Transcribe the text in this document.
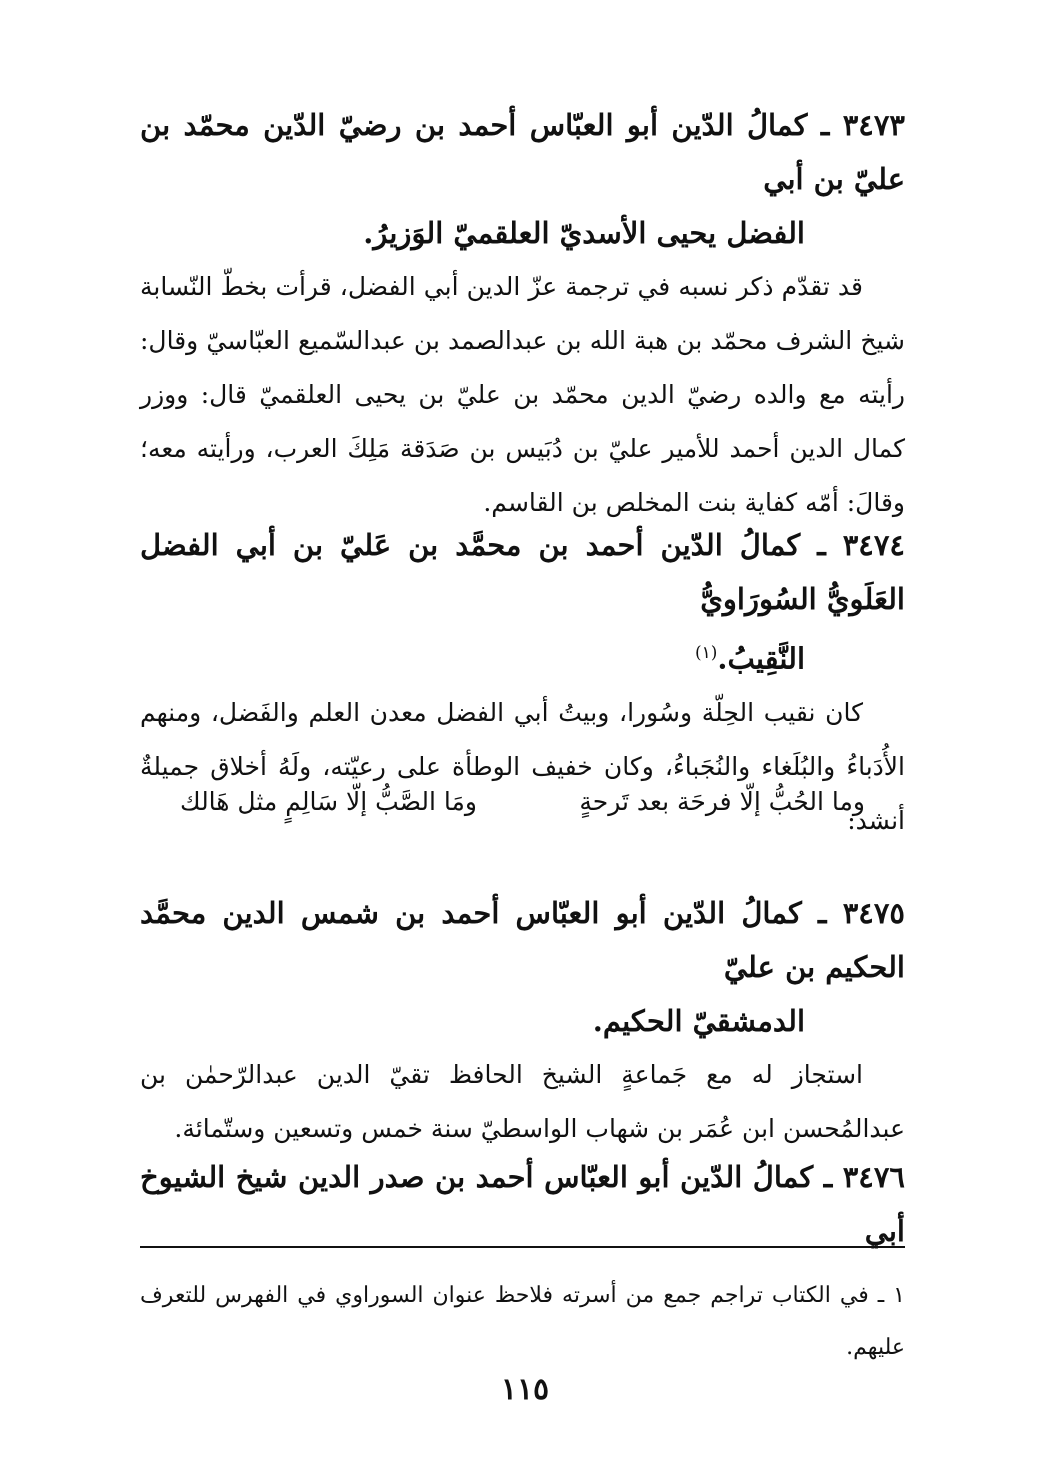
٣٤٧٣ ـ كمالُ الدّين أبو العبّاس أحمد بن رضيّ الدّين محمّد بن عليّ بن أبي
الفضل يحيى الأسديّ العلقميّ الوَزيرُ.

قد تقدّم ذكر نسبه في ترجمة عزّ الدين أبي الفضل، قرأت بخطّ النّسابة شيخ الشرف محمّد بن هبة الله بن عبدالصمد بن عبدالسّميع العبّاسيّ وقال: رأيته مع والده رضيّ الدين محمّد بن عليّ بن يحيى العلقميّ قال: ووزر كمال الدين أحمد للأمير عليّ بن دُبَيس بن صَدَقة مَلِكَ العرب، ورأيته معه؛ وقالَ: أمّه كفاية بنت المخلص بن القاسم.

٣٤٧٤ ـ كمالُ الدّين أحمد بن محمَّد بن عَليّ بن أبي الفضل العَلَويُّ السُورَاويُّ
النَّقِيبُ.$^{(١)}$

كان نقيب الحِلّة وسُورا، وبيتُ أبي الفضل معدن العلم والفَضل، ومنهم الأُدَباءُ والبُلَغاء والنُجَباءُ، وكان خفيف الوطأة على رعيّته، ولَهُ أخلاق جميلةٌ أنشد:

وما الحُبُّ إلّا فرحَة بعد تَرحةٍ
ومَا الصَّبُّ إلّا سَالِمٍ مثل هَالك

٣٤٧٥ ـ كمالُ الدّين أبو العبّاس أحمد بن شمس الدين محمَّد الحكيم بن عليّ
الدمشقيّ الحكيم.

استجاز له مع جَماعةٍ الشيخ الحافظ تقيّ الدين عبدالرّحمٰن بن عبدالمُحسن ابن عُمَر بن شهاب الواسطيّ سنة خمس وتسعين وستّمائة.

٣٤٧٦ ـ كمالُ الدّين أبو العبّاس أحمد بن صدر الدين شيخ الشيوخ أبي

١ ـ في الكتاب تراجم جمع من أسرته فلاحظ عنوان السوراوي في الفهرس للتعرف عليهم.

١١٥
